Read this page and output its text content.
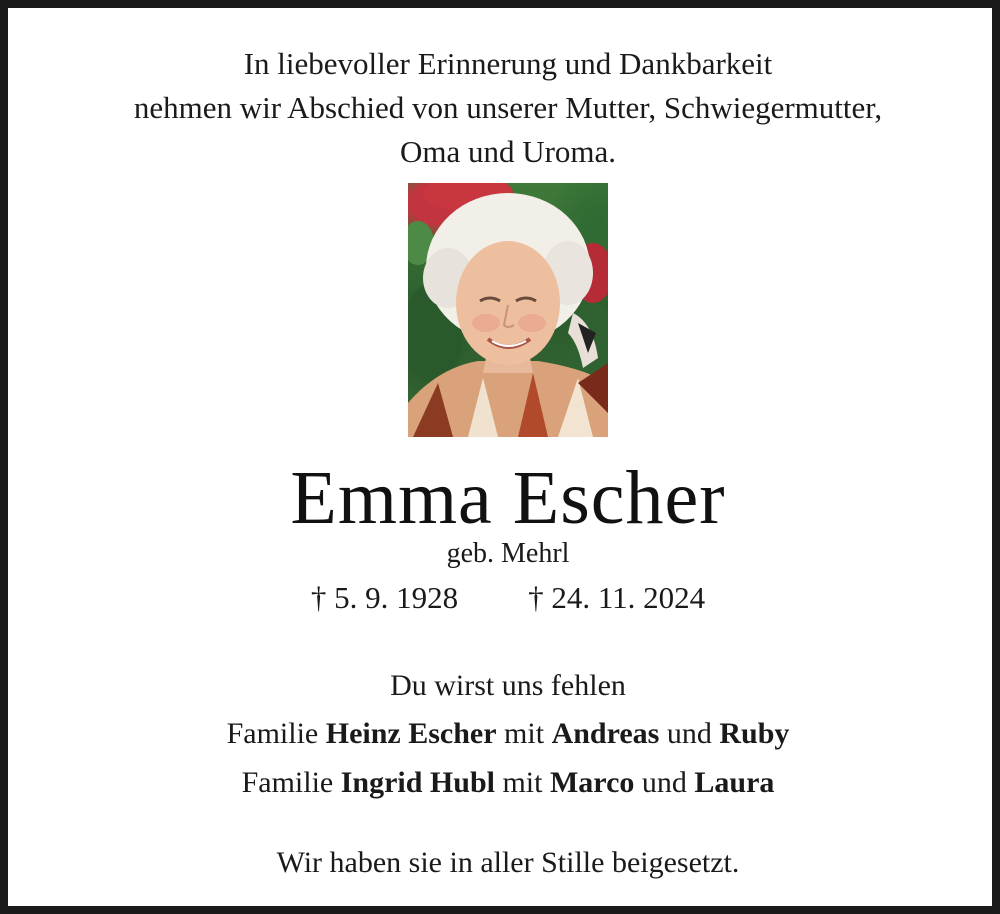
In liebevoller Erinnerung und Dankbarkeit
nehmen wir Abschied von unserer Mutter, Schwiegermutter,
Oma und Uroma.
Emma Escher
geb. Mehrl
† 5. 9. 1928 † 24. 11. 2024
Du wirst uns fehlen
Familie Heinz Escher mit Andreas und Ruby
Familie Ingrid Hubl mit Marco und Laura
Wir haben sie in aller Stille beigesetzt.
